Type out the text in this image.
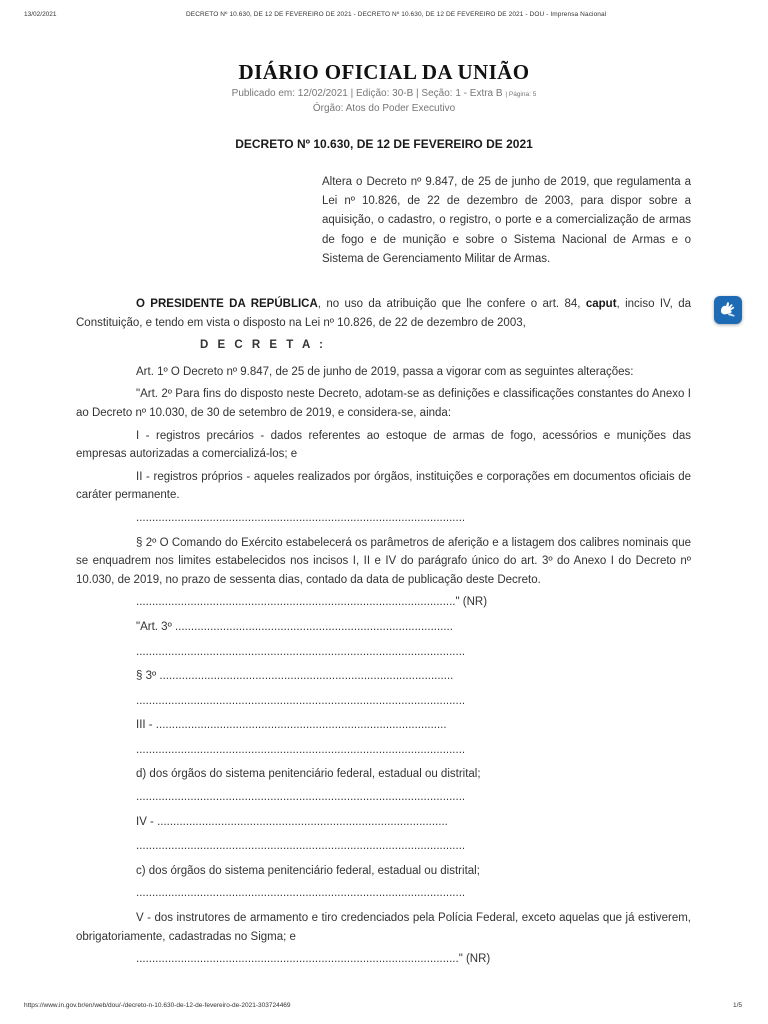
13/02/2021	DECRETO Nº 10.630, DE 12 DE FEVEREIRO DE 2021 - DECRETO Nº 10.630, DE 12 DE FEVEREIRO DE 2021 - DOU - Imprensa Nacional
DIÁRIO OFICIAL DA UNIÃO
Publicado em: 12/02/2021 | Edição: 30-B | Seção: 1 - Extra B | Página: 5
Órgão: Atos do Poder Executivo
DECRETO Nº 10.630, DE 12 DE FEVEREIRO DE 2021
Altera o Decreto nº 9.847, de 25 de junho de 2019, que regulamenta a Lei nº 10.826, de 22 de dezembro de 2003, para dispor sobre a aquisição, o cadastro, o registro, o porte e a comercialização de armas de fogo e de munição e sobre o Sistema Nacional de Armas e o Sistema de Gerenciamento Militar de Armas.

O PRESIDENTE DA REPÚBLICA, no uso da atribuição que lhe confere o art. 84, caput, inciso IV, da Constituição, e tendo em vista o disposto na Lei nº 10.826, de 22 de dezembro de 2003,

D E C R E T A :

Art. 1º O Decreto nº 9.847, de 25 de junho de 2019, passa a vigorar com as seguintes alterações:

"Art. 2º Para fins do disposto neste Decreto, adotam-se as definições e classificações constantes do Anexo I ao Decreto nº 10.030, de 30 de setembro de 2019, e considera-se, ainda:

I - registros precários - dados referentes ao estoque de armas de fogo, acessórios e munições das empresas autorizadas a comercializá-los; e

II - registros próprios - aqueles realizados por órgãos, instituições e corporações em documentos oficiais de caráter permanente.

.......................................................................................................

§ 2º O Comando do Exército estabelecerá os parâmetros de aferição e a listagem dos calibres nominais que se enquadrem nos limites estabelecidos nos incisos I, II e IV do parágrafo único do art. 3º do Anexo I do Decreto nº 10.030, de 2019, no prazo de sessenta dias, contado da data de publicação deste Decreto.

...................................................................................................." (NR)
"Art. 3º .......................................................................................
.......................................................................................................
§ 3º ............................................................................................
.......................................................................................................
III - ...........................................................................................
.......................................................................................................

d) dos órgãos do sistema penitenciário federal, estadual ou distrital;

.......................................................................................................
IV - ...........................................................................................
.......................................................................................................

c) dos órgãos do sistema penitenciário federal, estadual ou distrital;

.......................................................................................................

V - dos instrutores de armamento e tiro credenciados pela Polícia Federal, exceto aquelas que já estiverem, obrigatoriamente, cadastradas no Sigma; e

....................................................................................................." (NR)
https://www.in.gov.br/en/web/dou/-/decreto-n-10.630-de-12-de-fevereiro-de-2021-303724469	1/5
